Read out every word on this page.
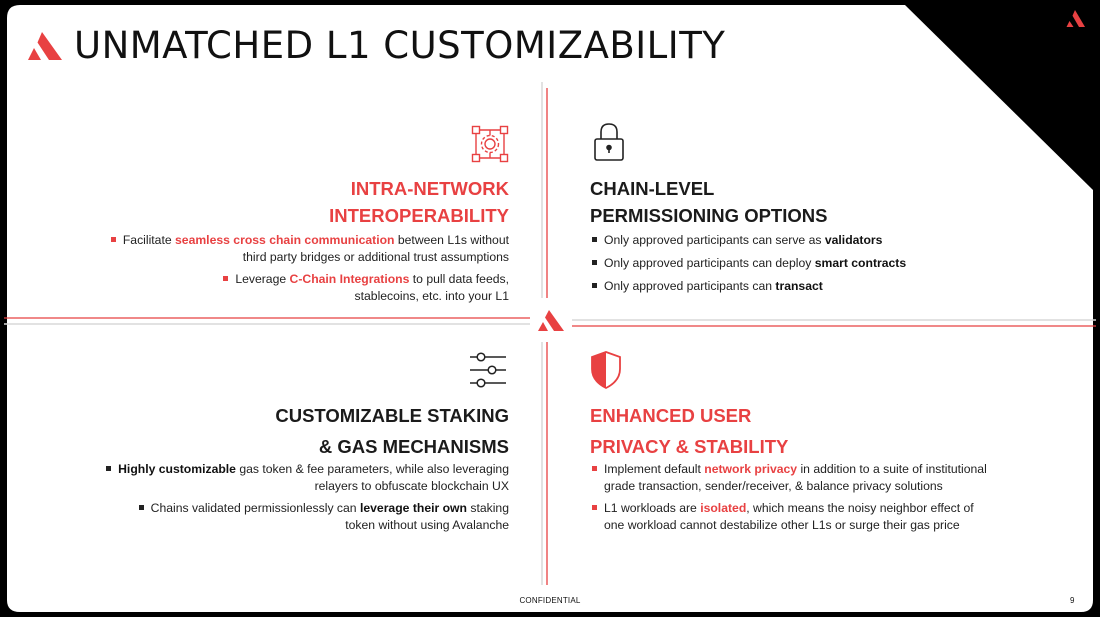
UNMATCHED L1 CUSTOMIZABILITY
INTRA-NETWORK
INTEROPERABILITY
Facilitate seamless cross chain communication between L1s without
third party bridges or additional trust assumptions
Leverage C-Chain Integrations to pull data feeds,
stablecoins, etc. into your L1
CHAIN-LEVEL
PERMISSIONING OPTIONS
Only approved participants can serve as validators
Only approved participants can deploy smart contracts
Only approved participants can transact
CUSTOMIZABLE STAKING
& GAS MECHANISMS
Highly customizable gas token & fee parameters, while also leveraging
relayers to obfuscate blockchain UX
Chains validated permissionlessly can leverage their own staking
token without using Avalanche
ENHANCED USER
PRIVACY & STABILITY
Implement default network privacy in addition to a suite of institutional
grade transaction, sender/receiver, & balance privacy solutions
L1 workloads are isolated, which means the noisy neighbor effect of
one workload cannot destabilize other L1s or surge their gas price
CONFIDENTIAL	9
